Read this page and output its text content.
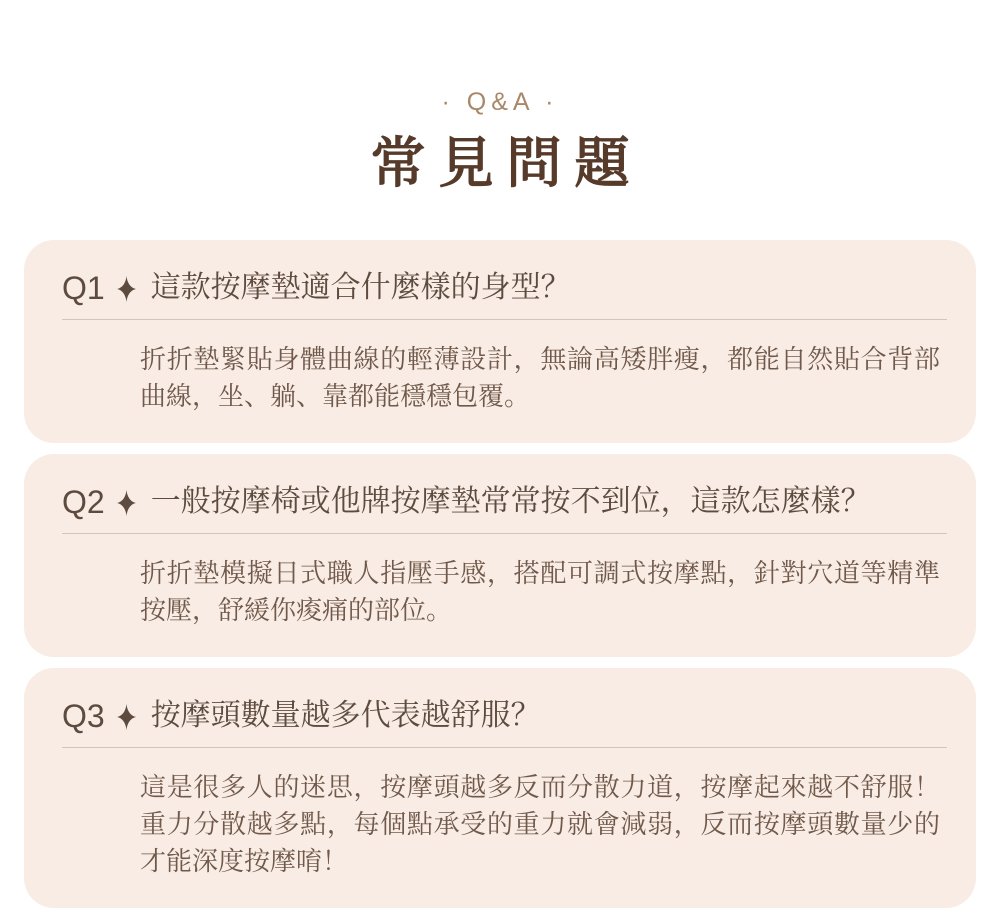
· Q&A ·
常見問題
Q1 這款按摩墊適合什麼樣的身型？

折折墊緊貼身體曲線的輕薄設計，無論高矮胖瘦，都能自然貼合背部曲線，坐、躺、靠都能穩穩包覆。

Q2 一般按摩椅或他牌按摩墊常常按不到位，這款怎麼樣？

折折墊模擬日式職人指壓手感，搭配可調式按摩點，針對穴道等精準按壓，舒緩你痠痛的部位。

Q3 按摩頭數量越多代表越舒服？

這是很多人的迷思，按摩頭越多反而分散力道，按摩起來越不舒服！重力分散越多點，每個點承受的重力就會減弱，反而按摩頭數量少的才能深度按摩唷！
